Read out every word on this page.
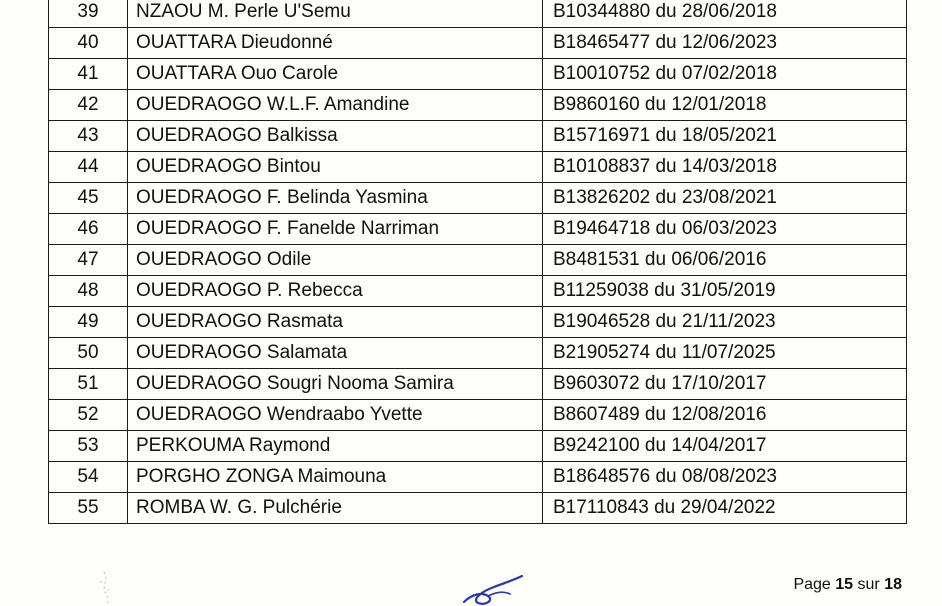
39	NZAOU M. Perle U'Semu	B10344880 du 28/06/2018
40	OUATTARA Dieudonné	B18465477 du 12/06/2023
41	OUATTARA Ouo Carole	B10010752 du 07/02/2018
42	OUEDRAOGO W.L.F. Amandine	B9860160 du 12/01/2018
43	OUEDRAOGO Balkissa	B15716971 du 18/05/2021
44	OUEDRAOGO Bintou	B10108837 du 14/03/2018
45	OUEDRAOGO F. Belinda Yasmina	B13826202 du 23/08/2021
46	OUEDRAOGO F. Fanelde Narriman	B19464718 du 06/03/2023
47	OUEDRAOGO Odile	B8481531 du 06/06/2016
48	OUEDRAOGO P. Rebecca	B11259038 du 31/05/2019
49	OUEDRAOGO Rasmata	B19046528 du 21/11/2023
50	OUEDRAOGO Salamata	B21905274 du 11/07/2025
51	OUEDRAOGO Sougri Nooma Samira	B9603072 du 17/10/2017
52	OUEDRAOGO Wendraabo Yvette	B8607489 du 12/08/2016
53	PERKOUMA Raymond	B9242100 du 14/04/2017
54	PORGHO ZONGA Maimouna	B18648576 du 08/08/2023
55	ROMBA W. G. Pulchérie	B17110843 du 29/04/2022
Page 15 sur 18
